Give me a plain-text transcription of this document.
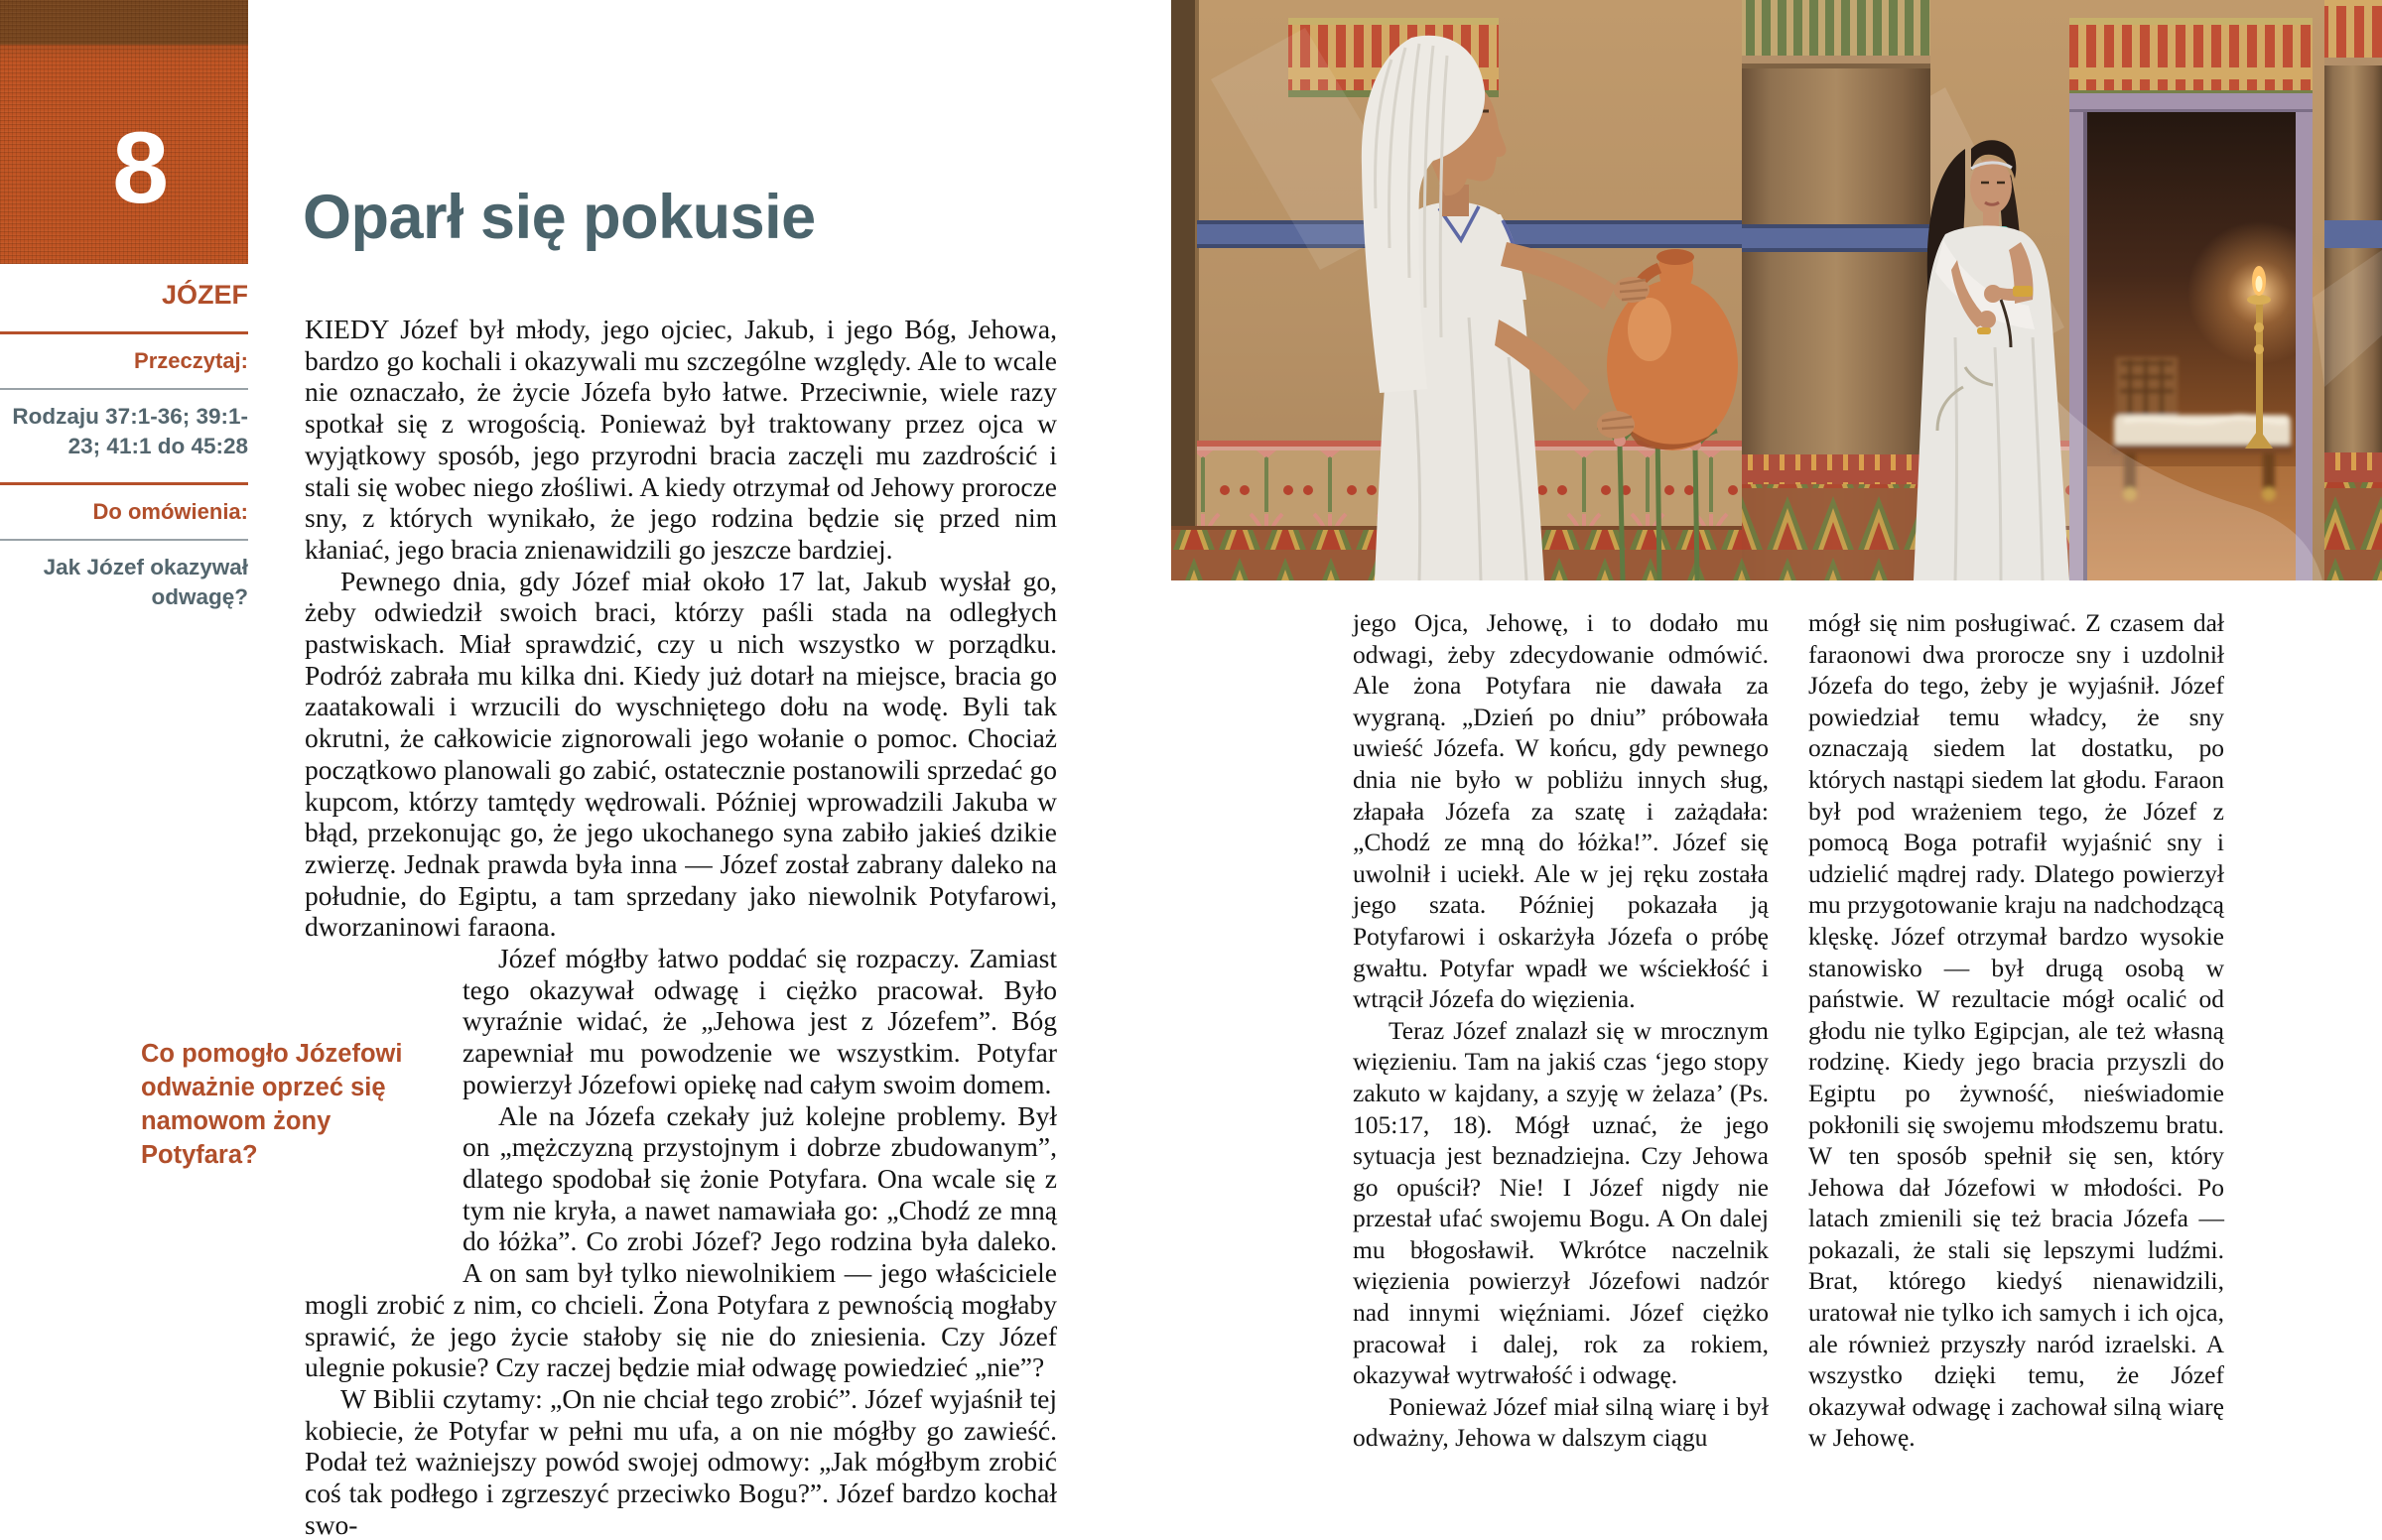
8
JÓZEF
Przeczytaj:
Rodzaju 37:1-36; 39:1-23; 41:1 do 45:28
Do omówienia:
Jak Józef okazywał odwagę?
Oparł się pokusie

KIEDY Józef był młody, jego ojciec, Jakub, i jego Bóg, Jehowa, bardzo go kochali i okazywali mu szczególne względy. Ale to wcale nie oznaczało, że życie Józefa było łatwe. Przeciwnie, wiele razy spotkał się z wrogością. Ponieważ był traktowany przez ojca w wyjątkowy sposób, jego przyrodni bracia zaczęli mu zazdrościć i stali się wobec niego złośliwi. A kiedy otrzymał od Jehowy prorocze sny, z których wynikało, że jego rodzina będzie się przed nim kłaniać, jego bracia znienawidzili go jeszcze bardziej.

Pewnego dnia, gdy Józef miał około 17 lat, Jakub wysłał go, żeby odwiedził swoich braci, którzy paśli stada na odległych pastwiskach. Miał sprawdzić, czy u nich wszystko w porządku. Podróż zabrała mu kilka dni. Kiedy już dotarł na miejsce, bracia go zaatakowali i wrzucili do wyschniętego dołu na wodę. Byli tak okrutni, że całkowicie zignorowali jego wołanie o pomoc. Chociaż początkowo planowali go zabić, ostatecznie postanowili sprzedać go kupcom, którzy tamtędy wędrowali. Później wprowadzili Jakuba w błąd, przekonując go, że jego ukochanego syna zabiło jakieś dzikie zwierzę. Jednak prawda była inna — Józef został zabrany daleko na południe, do Egiptu, a tam sprzedany jako niewolnik Potyfarowi, dworzaninowi faraona.

Co pomogło Józefowi odważnie oprzeć się namowom żony Potyfara?
Józef mógłby łatwo poddać się rozpaczy. Zamiast tego okazywał odwagę i ciężko pracował. Było wyraźnie widać, że „Jehowa jest z Józefem”. Bóg zapewniał mu powodzenie we wszystkim. Potyfar powierzył Józefowi opiekę nad całym swoim domem.

Ale na Józefa czekały już kolejne problemy. Był on „mężczyzną przystojnym i dobrze zbudowanym”, dlatego spodobał się żonie Potyfara. Ona wcale się z tym nie kryła, a nawet namawiała go: „Chodź ze mną do łóżka”. Co zrobi Józef? Jego rodzina była daleko. A on sam był tylko niewolnikiem — jego właściciele mogli zrobić z nim, co chcieli. Żona Potyfara z pewnością mogłaby sprawić, że jego życie stałoby się nie do zniesienia. Czy Józef ulegnie pokusie? Czy raczej będzie miał odwagę powiedzieć „nie”?

W Biblii czytamy: „On nie chciał tego zrobić”. Józef wyjaśnił tej kobiecie, że Potyfar w pełni mu ufa, a on nie mógłby go zawieść. Podał też ważniejszy powód swojej odmowy: „Jak mógłbym zrobić coś tak podłego i zgrzeszyć przeciwko Bogu?”. Józef bardzo kochał swo-

jego Ojca, Jehowę, i to dodało mu odwagi, żeby zdecydowanie odmówić. Ale żona Potyfara nie dawała za wygraną. „Dzień po dniu” próbowała uwieść Józefa. W końcu, gdy pewnego dnia nie było w pobliżu innych sług, złapała Józefa za szatę i zażądała: „Chodź ze mną do łóżka!”. Józef się uwolnił i uciekł. Ale w jej ręku została jego szata. Później pokazała ją Potyfarowi i oskarżyła Józefa o próbę gwałtu. Potyfar wpadł we wściekłość i wtrącił Józefa do więzienia.

Teraz Józef znalazł się w mrocznym więzieniu. Tam na jakiś czas ‘jego stopy zakuto w kajdany, a szyję w żelaza’ (Ps. 105:17, 18). Mógł uznać, że jego sytuacja jest beznadziejna. Czy Jehowa go opuścił? Nie! I Józef nigdy nie przestał ufać swojemu Bogu. A On dalej mu błogosławił. Wkrótce naczelnik więzienia powierzył Józefowi nadzór nad innymi więźniami. Józef ciężko pracował i dalej, rok za rokiem, okazywał wytrwałość i odwagę.

Ponieważ Józef miał silną wiarę i był odważny, Jehowa w dalszym ciągu

mógł się nim posługiwać. Z czasem dał faraonowi dwa prorocze sny i uzdolnił Józefa do tego, żeby je wyjaśnił. Józef powiedział temu władcy, że sny oznaczają siedem lat dostatku, po których nastąpi siedem lat głodu. Faraon był pod wrażeniem tego, że Józef z pomocą Boga potrafił wyjaśnić sny i udzielić mądrej rady. Dlatego powierzył mu przygotowanie kraju na nadchodzącą klęskę. Józef otrzymał bardzo wysokie stanowisko — był drugą osobą w państwie. W rezultacie mógł ocalić od głodu nie tylko Egipcjan, ale też własną rodzinę. Kiedy jego bracia przyszli do Egiptu po żywność, nieświadomie pokłonili się swojemu młodszemu bratu. W ten sposób spełnił się sen, który Jehowa dał Józefowi w młodości. Po latach zmienili się też bracia Józefa — pokazali, że stali się lepszymi ludźmi. Brat, którego kiedyś nienawidzili, uratował nie tylko ich samych i ich ojca, ale również przyszły naród izraelski. A wszystko dzięki temu, że Józef okazywał odwagę i zachował silną wiarę w Jehowę.
